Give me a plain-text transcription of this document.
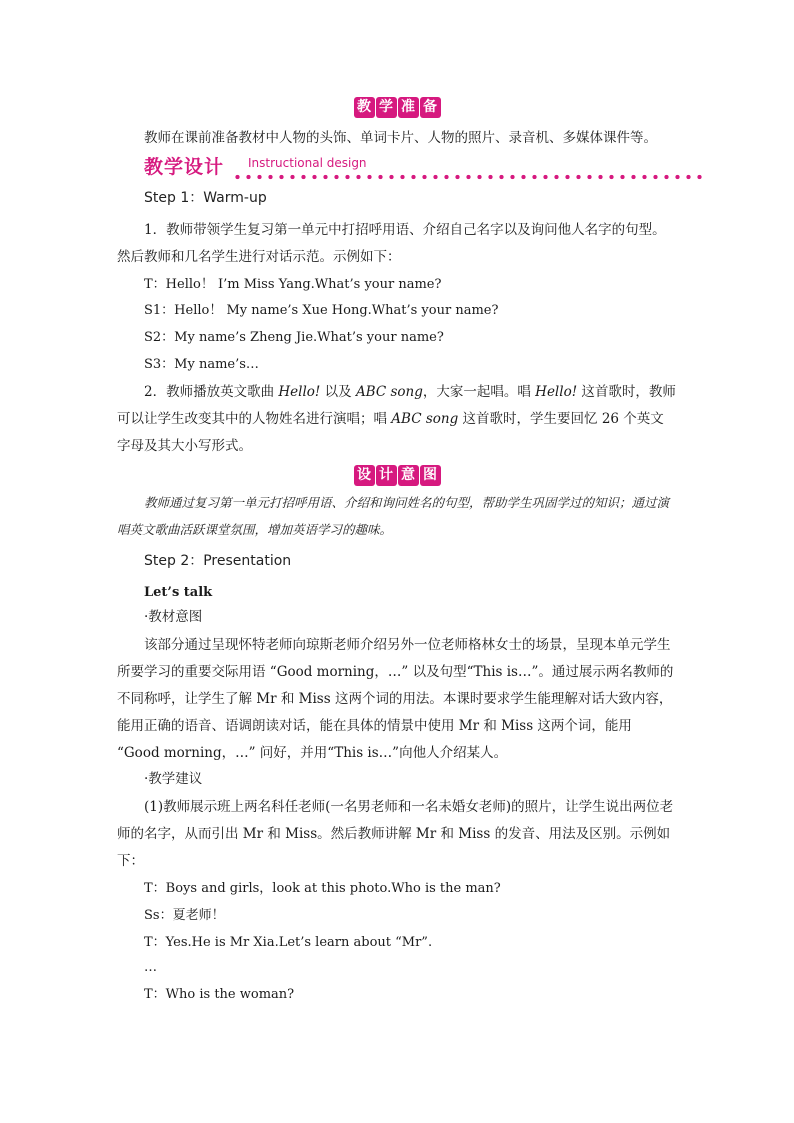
教 学 准 备

教师在课前准备教材中人物的头饰、单词卡片、人物的照片、录音机、多媒体课件等。

教学设计 Instructional design

Step 1：Warm-up

1．教师带领学生复习第一单元中打招呼用语、介绍自己名字以及询问他人名字的句型。然后教师和几名学生进行对话示范。示例如下：

T：Hello！ I’m Miss Yang.What’s your name?

S1：Hello！ My name’s Xue Hong.What’s your name?

S2：My name’s Zheng Jie.What’s your name?

S3：My name’s…

2．教师播放英文歌曲 Hello! 以及 ABC song，大家一起唱。唱 Hello! 这首歌时，教师可以让学生改变其中的人物姓名进行演唱；唱 ABC song 这首歌时，学生要回忆 26 个英文字母及其大小写形式。

设 计 意 图

教师通过复习第一单元打招呼用语、介绍和询问姓名的句型，帮助学生巩固学过的知识；通过演唱英文歌曲活跃课堂氛围，增加英语学习的趣味。

Step 2：Presentation

Let’s talk

·教材意图

该部分通过呈现怀特老师向琼斯老师介绍另外一位老师格林女士的场景，呈现本单元学生所要学习的重要交际用语 “Good morning，…” 以及句型“This is…”。通过展示两名教师的不同称呼，让学生了解 Mr 和 Miss 这两个词的用法。本课时要求学生能理解对话大致内容，能用正确的语音、语调朗读对话，能在具体的情景中使用 Mr 和 Miss 这两个词，能用 “Good morning，…” 问好，并用“This is…”向他人介绍某人。

·教学建议

(1)教师展示班上两名科任老师(一名男老师和一名未婚女老师)的照片，让学生说出两位老师的名字，从而引出 Mr 和 Miss。然后教师讲解 Mr 和 Miss 的发音、用法及区别。示例如下：

T：Boys and girls，look at this photo.Who is the man?

Ss：夏老师！

T：Yes.He is Mr Xia.Let’s learn about “Mr”.

…

T：Who is the woman?
